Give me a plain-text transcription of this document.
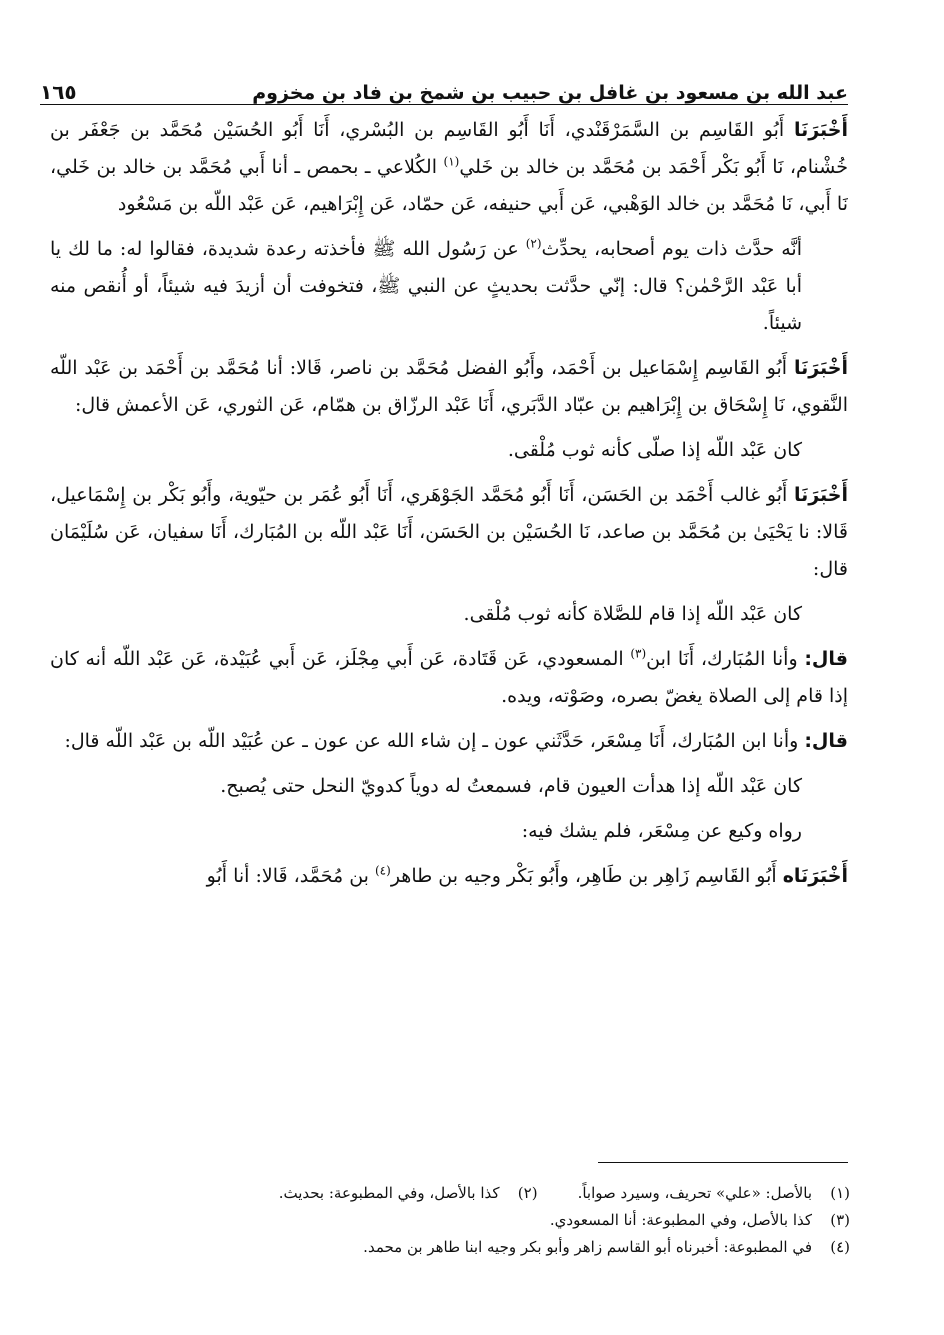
عبد الله بن مسعود بن غافل بن حبيب بن شمخ بن فاد بن مخزوم
١٦٥

أَخْبَرَنَا أَبُو القَاسِم بن السَّمَرْقَنْدي، أَنَا أَبُو القَاسِم بن البُسْري، أَنَا أَبُو الحُسَيْن مُحَمَّد بن جَعْفَر بن خُشْنام، نَا أَبُو بَكْر أَحْمَد بن مُحَمَّد بن خالد بن خَلي$^{(١)}$ الكُلاعي ـ بحمص ـ أنا أَبي مُحَمَّد بن خالد بن خَلي، نَا أَبي، نَا مُحَمَّد بن خالد الوَهْبي، عَن أَبي حنيفه، عَن حمّاد، عَن إِبْرَاهيم، عَن عَبْد اللّه بن مَسْعُود

أنَّه حدَّث ذات يوم أصحابه، يحدِّث$^{(٢)}$ عن رَسُول الله ﷺ فأخذته رعدة شديدة، فقالوا له: ما لك يا أبا عَبْد الرَّحْمٰن؟ قال: إنّي حدَّثت بحديثٍ عن النبي ﷺ، فتخوفت أن أزيدَ فيه شيئاً، أو أُنقص منه شيئاً.

أَخْبَرَنَا أَبُو القَاسِم إِسْمَاعيل بن أَحْمَد، وأَبُو الفضل مُحَمَّد بن ناصر، قَالا: أنا مُحَمَّد بن أَحْمَد بن عَبْد اللّه النَّقوي، نَا إِسْحَاق بن إِبْرَاهيم بن عبّاد الدَّبَري، أَنَا عَبْد الرزّاق بن همّام، عَن الثوري، عَن الأعمش قال:

كان عَبْد اللّه إذا صلّى كأنه ثوب مُلْقى.

أَخْبَرَنَا أَبُو غالب أَحْمَد بن الحَسَن، أَنَا أَبُو مُحَمَّد الجَوْهَري، أَنَا أَبُو عُمَر بن حيّوية، وأَبُو بَكْر بن إِسْمَاعيل، قَالا: نا يَحْيَىٰ بن مُحَمَّد بن صاعد، نَا الحُسَيْن بن الحَسَن، أَنَا عَبْد اللّه بن المُبَارك، أَنَا سفيان، عَن سُلَيْمَان قال:

كان عَبْد اللّه إذا قام للصَّلاة كأنه ثوب مُلْقى.

قال: وأنا المُبَارك، أَنَا ابن$^{(٣)}$ المسعودي، عَن قَتَادة، عَن أَبي مِجْلَز، عَن أَبي عُبَيْدة، عَن عَبْد اللّه أنه كان إذا قام إلى الصلاة يغضّ بصره، وصَوْته، ويده.

قال: وأنا ابن المُبَارك، أَنَا مِسْعَر، حَدَّثَني عون ـ إن شاء الله عن عون ـ عن عُبَيْد اللّه بن عَبْد اللّه قال:

كان عَبْد اللّه إذا هدأت العيون قام، فسمعتُ له دوياً كدويّ النحل حتى يُصبح.

رواه وكيع عن مِسْعَر، فلم يشك فيه:

أَخْبَرَنَاه أَبُو القَاسِم زَاهِر بن طَاهِر، وأَبُو بَكْر وجيه بن طاهر$^{(٤)}$ بن مُحَمَّد، قَالا: أنا أَبُو

(١)بالأصل: «علي» تحريف، وسيرد صواباً.
(٢)كذا بالأصل، وفي المطبوعة: بحديث.
(٣)كذا بالأصل، وفي المطبوعة: أنا المسعودي.
(٤)في المطبوعة: أخبرناه أبو القاسم زاهر وأبو بكر وجيه ابنا طاهر بن محمد.
